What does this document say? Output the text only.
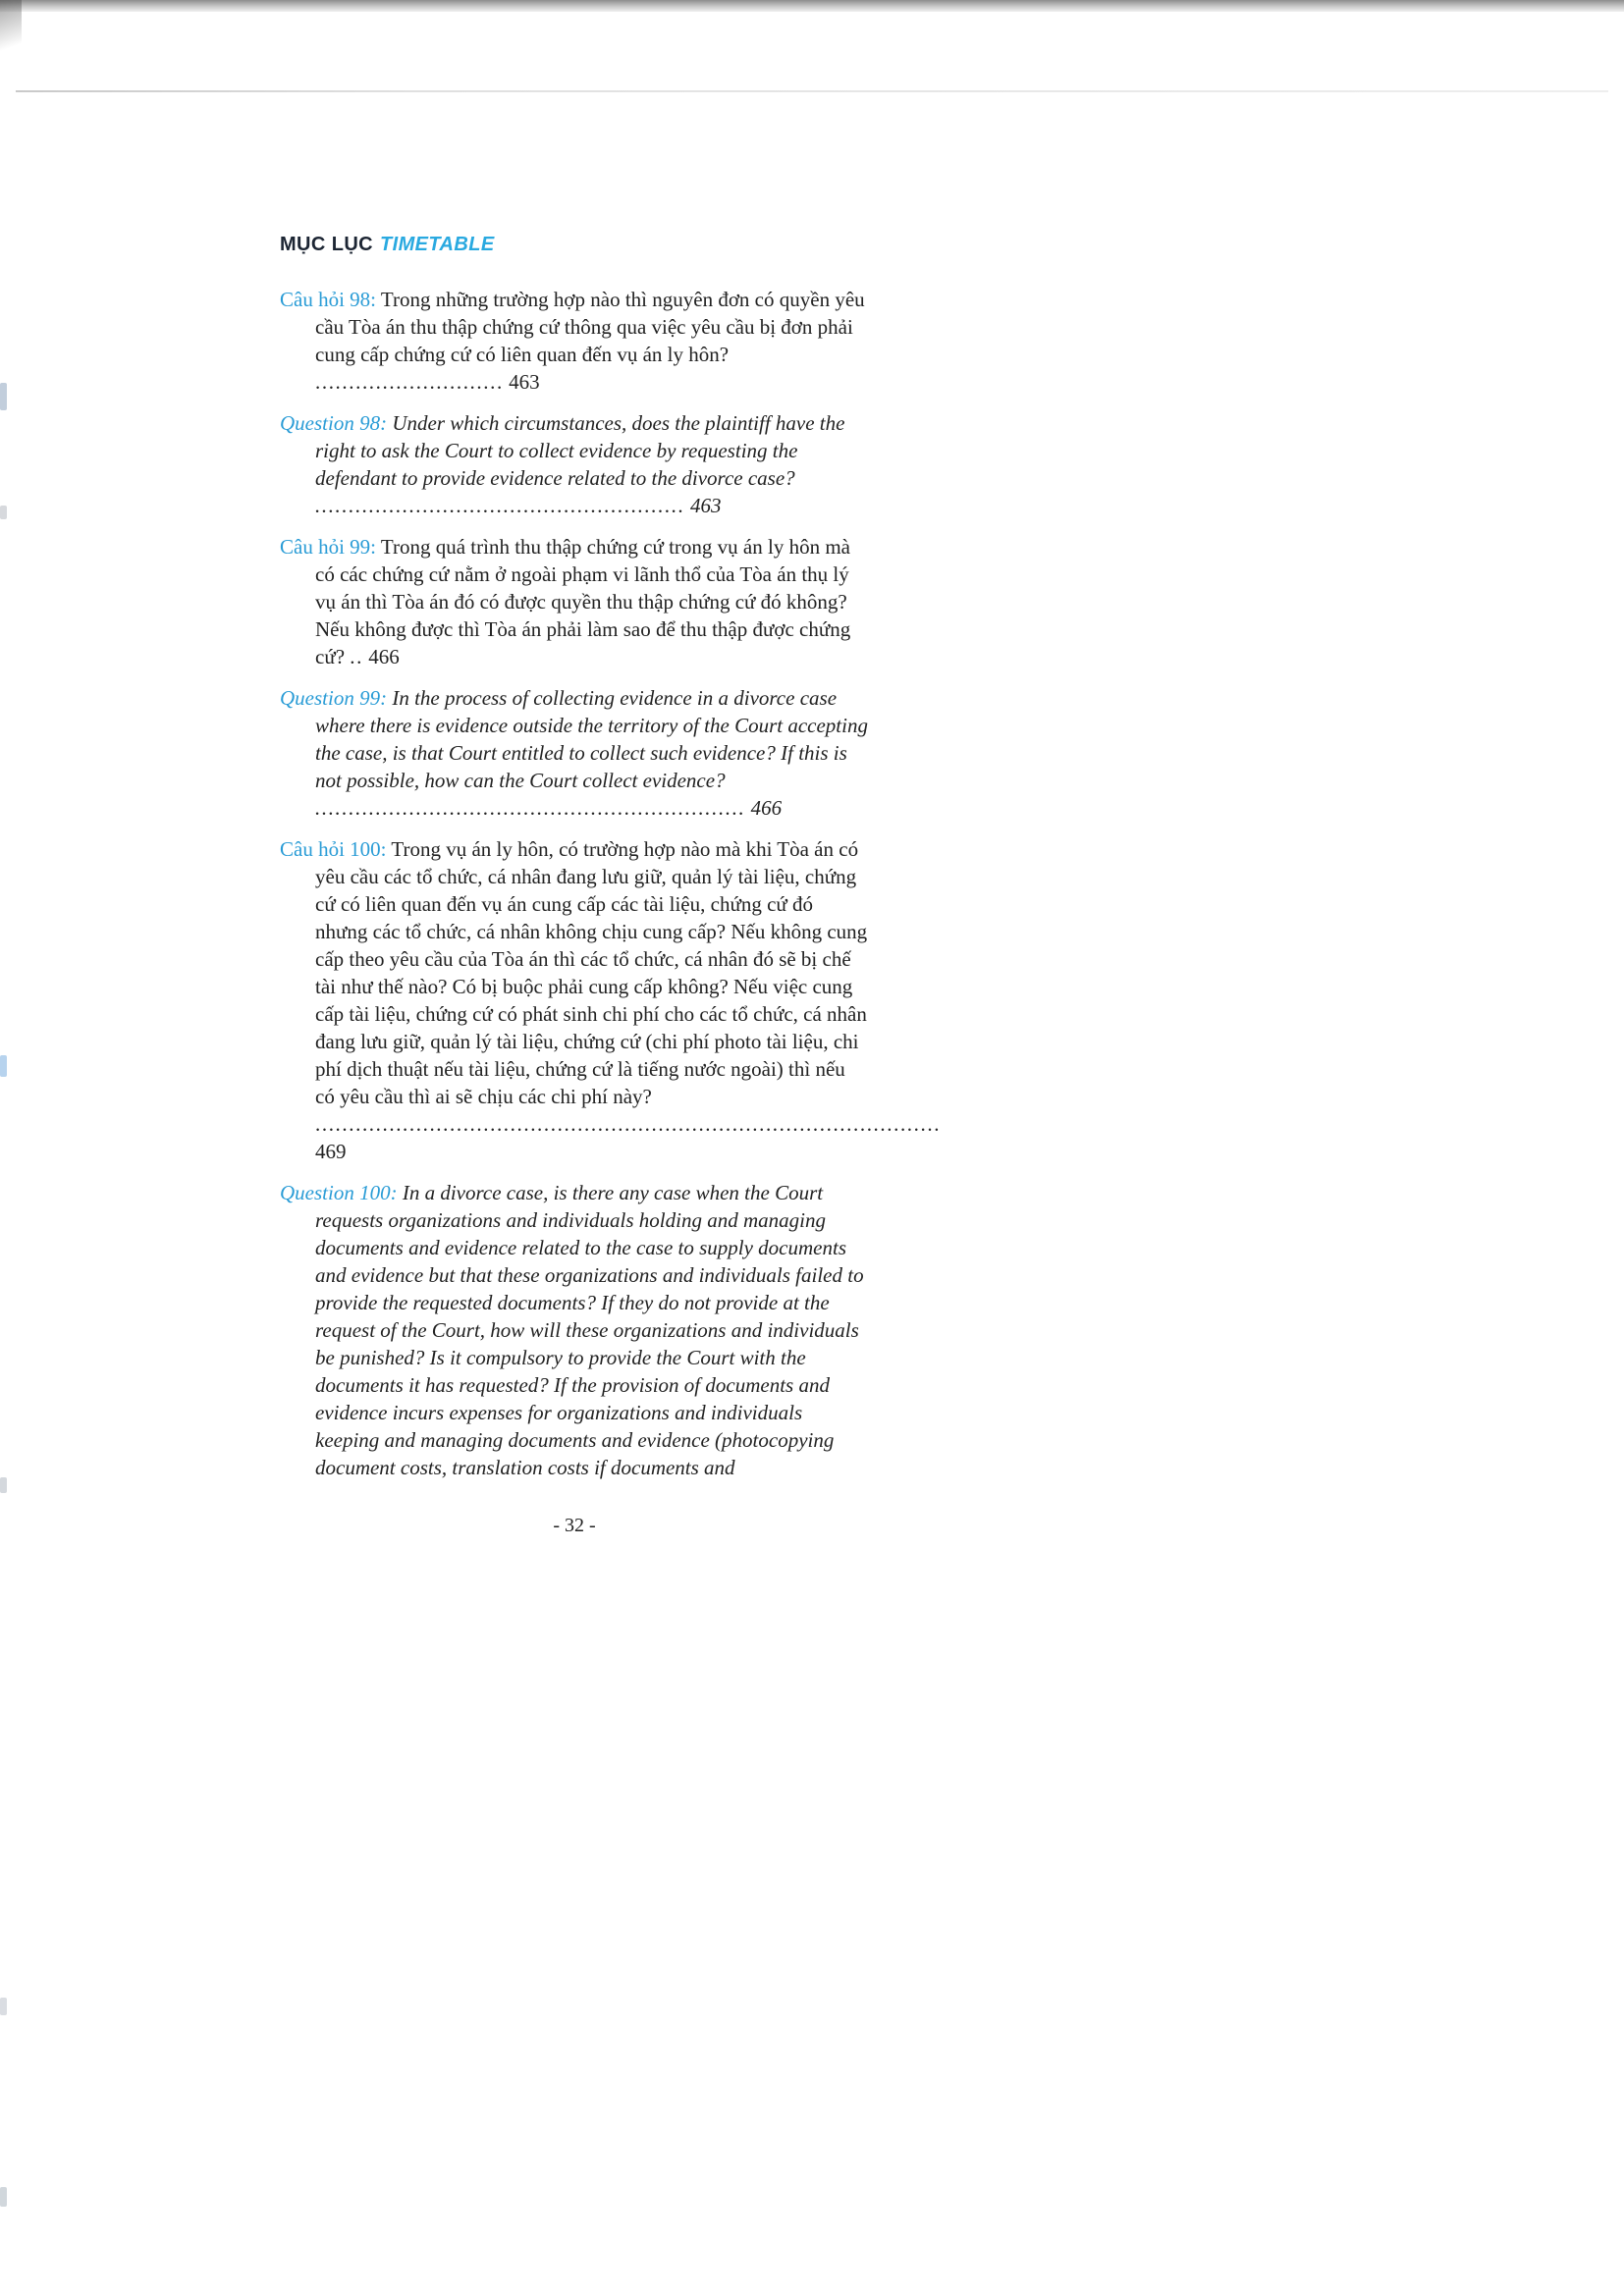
MỤC LỤC TIMETABLE

Câu hỏi 98: Trong những trường hợp nào thì nguyên đơn có quyền yêu cầu Tòa án thu thập chứng cứ thông qua việc yêu cầu bị đơn phải cung cấp chứng cứ có liên quan đến vụ án ly hôn? ............................ 463

Question 98: Under which circumstances, does the plaintiff have the right to ask the Court to collect evidence by requesting the defendant to provide evidence related to the divorce case? ....................................................... 463

Câu hỏi 99: Trong quá trình thu thập chứng cứ trong vụ án ly hôn mà có các chứng cứ nằm ở ngoài phạm vi lãnh thổ của Tòa án thụ lý vụ án thì Tòa án đó có được quyền thu thập chứng cứ đó không? Nếu không được thì Tòa án phải làm sao để thu thập được chứng cứ? .. 466

Question 99: In the process of collecting evidence in a divorce case where there is evidence outside the territory of the Court accepting the case, is that Court entitled to collect such evidence? If this is not possible, how can the Court collect evidence? ................................................................ 466

Câu hỏi 100: Trong vụ án ly hôn, có trường hợp nào mà khi Tòa án có yêu cầu các tổ chức, cá nhân đang lưu giữ, quản lý tài liệu, chứng cứ có liên quan đến vụ án cung cấp các tài liệu, chứng cứ đó nhưng các tổ chức, cá nhân không chịu cung cấp? Nếu không cung cấp theo yêu cầu của Tòa án thì các tổ chức, cá nhân đó sẽ bị chế tài như thế nào? Có bị buộc phải cung cấp không? Nếu việc cung cấp tài liệu, chứng cứ có phát sinh chi phí cho các tổ chức, cá nhân đang lưu giữ, quản lý tài liệu, chứng cứ (chi phí photo tài liệu, chi phí dịch thuật nếu tài liệu, chứng cứ là tiếng nước ngoài) thì nếu có yêu cầu thì ai sẽ chịu các chi phí này? ............................................................................................. 469

Question 100: In a divorce case, is there any case when the Court requests organizations and individuals holding and managing documents and evidence related to the case to supply documents and evidence but that these organizations and individuals failed to provide the requested documents? If they do not provide at the request of the Court, how will these organizations and individuals be punished? Is it compulsory to provide the Court with the documents it has requested? If the provision of documents and evidence incurs expenses for organizations and individuals keeping and managing documents and evidence (photocopying document costs, translation costs if documents and

- 32 -
